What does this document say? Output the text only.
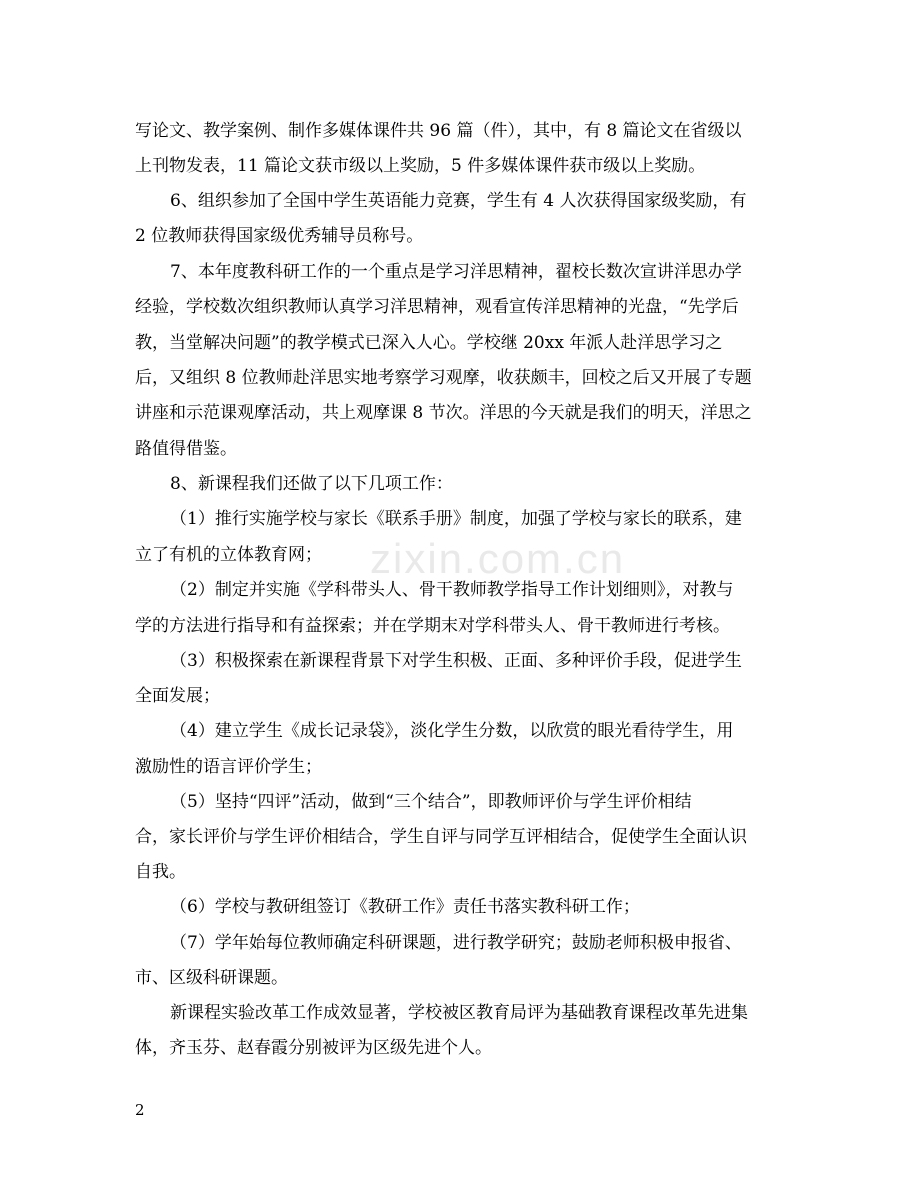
zixin.com.cn
写论文、教学案例、制作多媒体课件共 96 篇（件），其中，有 8 篇论文在省级以
上刊物发表，11 篇论文获市级以上奖励，5 件多媒体课件获市级以上奖励。
6、组织参加了全国中学生英语能力竞赛，学生有 4 人次获得国家级奖励，有
2 位教师获得国家级优秀辅导员称号。
7、本年度教科研工作的一个重点是学习洋思精神，翟校长数次宣讲洋思办学
经验，学校数次组织教师认真学习洋思精神，观看宣传洋思精神的光盘，“先学后
教，当堂解决问题”的教学模式已深入人心。学校继 20xx 年派人赴洋思学习之
后，又组织 8 位教师赴洋思实地考察学习观摩，收获颇丰，回校之后又开展了专题
讲座和示范课观摩活动，共上观摩课 8 节次。洋思的今天就是我们的明天，洋思之
路值得借鉴。
8、新课程我们还做了以下几项工作：
（1）推行实施学校与家长《联系手册》制度，加强了学校与家长的联系，建
立了有机的立体教育网；
（2）制定并实施《学科带头人、骨干教师教学指导工作计划细则》，对教与
学的方法进行指导和有益探索；并在学期末对学科带头人、骨干教师进行考核。
（3）积极探索在新课程背景下对学生积极、正面、多种评价手段，促进学生
全面发展；
（4）建立学生《成长记录袋》，淡化学生分数，以欣赏的眼光看待学生，用
激励性的语言评价学生；
（5）坚持“四评”活动，做到“三个结合”，即教师评价与学生评价相结
合，家长评价与学生评价相结合，学生自评与同学互评相结合，促使学生全面认识
自我。
（6）学校与教研组签订《教研工作》责任书落实教科研工作；
（7）学年始每位教师确定科研课题，进行教学研究；鼓励老师积极申报省、
市、区级科研课题。
新课程实验改革工作成效显著，学校被区教育局评为基础教育课程改革先进集
体，齐玉芬、赵春霞分别被评为区级先进个人。
2
